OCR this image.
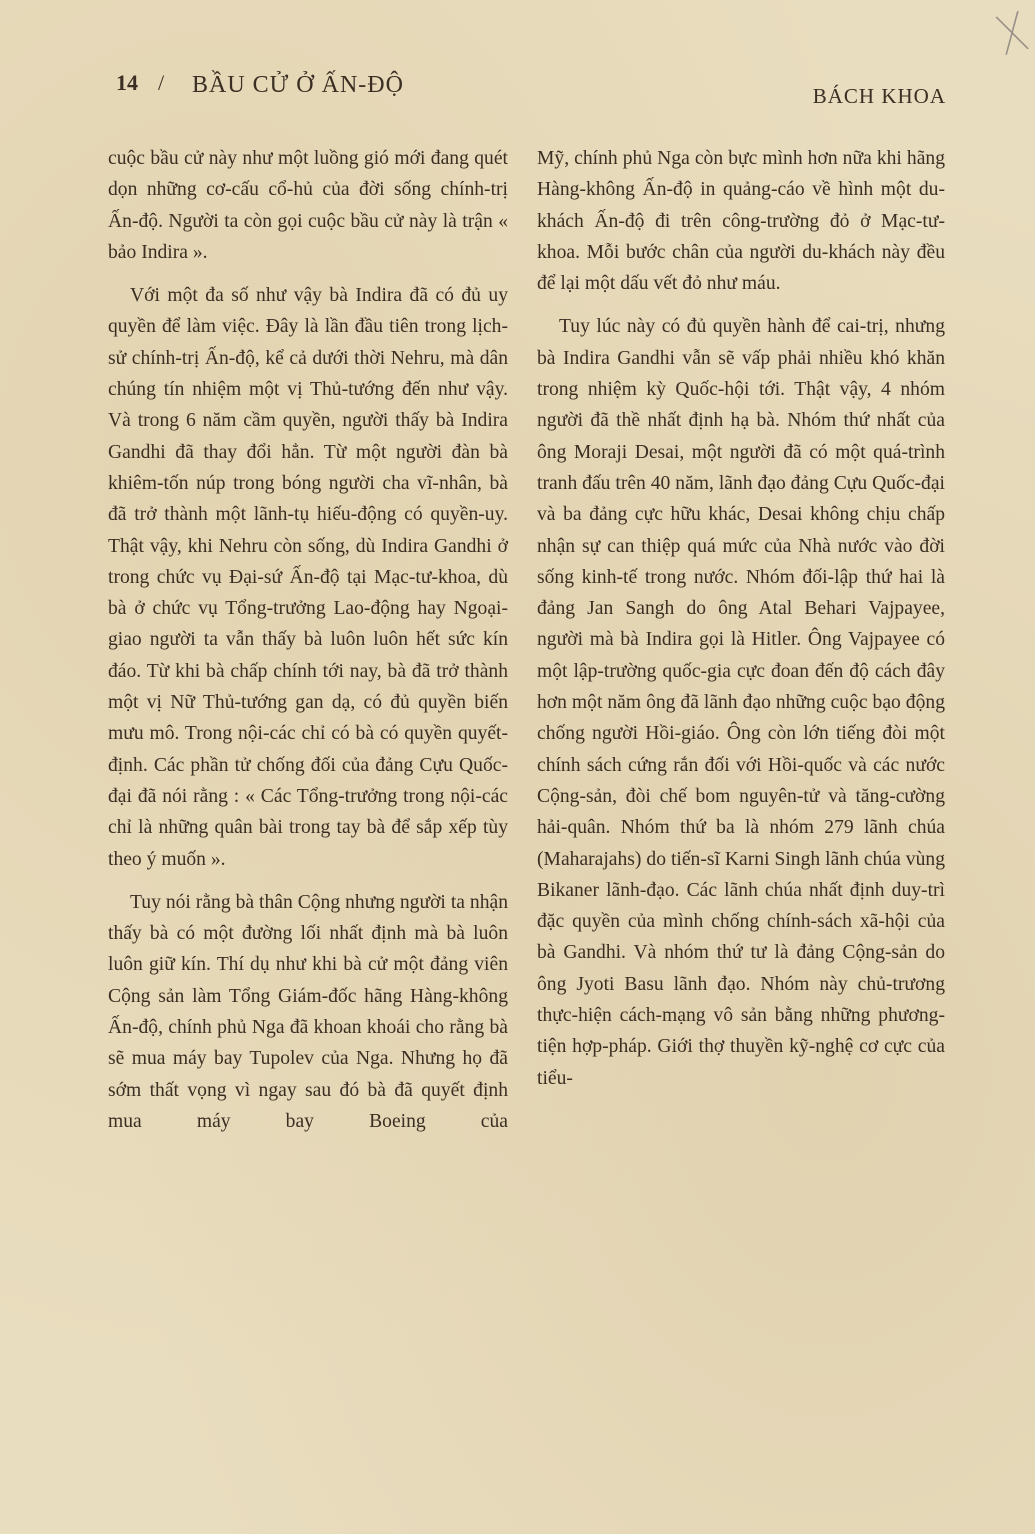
ᚷ
14 / BẦU CỬ Ở ẤN-ĐỘ	BÁCH KHOA

cuộc bầu cử này như một luồng gió mới đang quét dọn những cơ-cấu cổ-hủ của đời sống chính-trị Ấn-độ. Người ta còn gọi cuộc bầu cử này là trận « bảo Indira ».

Với một đa số như vậy bà Indira đã có đủ uy quyền để làm việc. Đây là lần đầu tiên trong lịch-sử chính-trị Ấn-độ, kể cả dưới thời Nehru, mà dân chúng tín nhiệm một vị Thủ-tướng đến như vậy. Và trong 6 năm cầm quyền, người thấy bà Indira Gandhi đã thay đổi hẳn. Từ một người đàn bà khiêm-tốn núp trong bóng người cha vĩ-nhân, bà đã trở thành một lãnh-tụ hiếu-động có quyền-uy. Thật vậy, khi Nehru còn sống, dù Indira Gandhi ở trong chức vụ Đại-sứ Ấn-độ tại Mạc-tư-khoa, dù bà ở chức vụ Tổng-trưởng Lao-động hay Ngoại-giao người ta vẫn thấy bà luôn luôn hết sức kín đáo. Từ khi bà chấp chính tới nay, bà đã trở thành một vị Nữ Thủ-tướng gan dạ, có đủ quyền biến mưu mô. Trong nội-các chỉ có bà có quyền quyết-định. Các phần tử chống đối của đảng Cựu Quốc-đại đã nói rằng : « Các Tổng-trưởng trong nội-các chỉ là những quân bài trong tay bà để sắp xếp tùy theo ý muốn ».

Tuy nói rằng bà thân Cộng nhưng người ta nhận thấy bà có một đường lối nhất định mà bà luôn luôn giữ kín. Thí dụ như khi bà cử một đảng viên Cộng sản làm Tổng Giám-đốc hãng Hàng-không Ấn-độ, chính phủ Nga đã khoan khoái cho rằng bà sẽ mua máy bay Tupolev của Nga. Nhưng họ đã sớm thất vọng vì ngay sau đó bà đã quyết định mua máy bay Boeing của

Mỹ, chính phủ Nga còn bực mình hơn nữa khi hãng Hàng-không Ấn-độ in quảng-cáo về hình một du-khách Ấn-độ đi trên công-trường đỏ ở Mạc-tư-khoa. Mỗi bước chân của người du-khách này đều để lại một dấu vết đỏ như máu.

Tuy lúc này có đủ quyền hành để cai-trị, nhưng bà Indira Gandhi vẫn sẽ vấp phải nhiều khó khăn trong nhiệm kỳ Quốc-hội tới. Thật vậy, 4 nhóm người đã thề nhất định hạ bà. Nhóm thứ nhất của ông Moraji Desai, một người đã có một quá-trình tranh đấu trên 40 năm, lãnh đạo đảng Cựu Quốc-đại và ba đảng cực hữu khác, Desai không chịu chấp nhận sự can thiệp quá mức của Nhà nước vào đời sống kinh-tế trong nước. Nhóm đối-lập thứ hai là đảng Jan Sangh do ông Atal Behari Vajpayee, người mà bà Indira gọi là Hitler. Ông Vajpayee có một lập-trường quốc-gia cực đoan đến độ cách đây hơn một năm ông đã lãnh đạo những cuộc bạo động chống người Hồi-giáo. Ông còn lớn tiếng đòi một chính sách cứng rắn đối với Hồi-quốc và các nước Cộng-sản, đòi chế bom nguyên-tử và tăng-cường hải-quân. Nhóm thứ ba là nhóm 279 lãnh chúa (Maharajahs) do tiến-sĩ Karni Singh lãnh chúa vùng Bikaner lãnh-đạo. Các lãnh chúa nhất định duy-trì đặc quyền của mình chống chính-sách xã-hội của bà Gandhi. Và nhóm thứ tư là đảng Cộng-sản do ông Jyoti Basu lãnh đạo. Nhóm này chủ-trương thực-hiện cách-mạng vô sản bằng những phương-tiện hợp-pháp. Giới thợ thuyền kỹ-nghệ cơ cực của tiểu-
